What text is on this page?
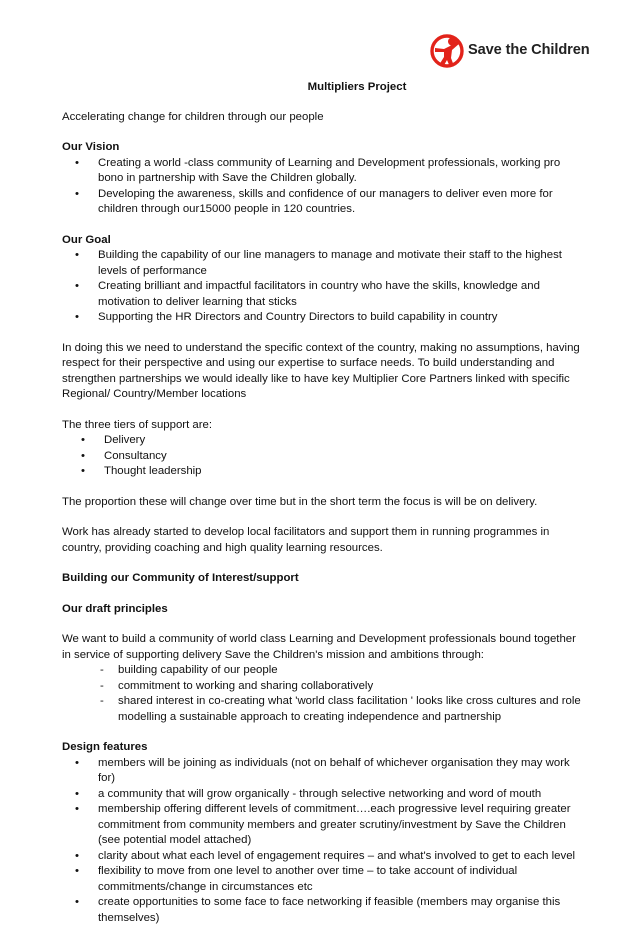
Save the Children
Multipliers Project

Accelerating change for children through our people

Our Vision
• Creating a world -class community of Learning and Development professionals, working pro bono in partnership with Save the Children globally.
• Developing the awareness, skills and confidence of our managers to deliver even more for children through our15000 people in 120 countries.
Our Goal
• Building the capability of our line managers to manage and motivate their staff to the highest levels of performance
• Creating brilliant and impactful facilitators in country who have the skills, knowledge and motivation to deliver learning that sticks
• Supporting the HR Directors and Country Directors to build capability in country

In doing this we need to understand the specific context of the country, making no assumptions, having respect for their perspective and using our expertise to surface needs. To build understanding and strengthen partnerships we would ideally like to have key Multiplier Core Partners linked with specific Regional/ Country/Member locations

The three tiers of support are:
• Delivery
• Consultancy
• Thought leadership

The proportion these will change over time but in the short term the focus is will be on delivery.

Work has already started to develop local facilitators and support them in running programmes in country, providing coaching and high quality learning resources.

Building our Community of Interest/support

Our draft principles

We want to build a community of world class Learning and Development professionals bound together in service of supporting delivery Save the Children's mission and ambitions through:
- building capability of our people
- commitment to working and sharing collaboratively
- shared interest in co-creating what 'world class facilitation ' looks like cross cultures and role modelling a sustainable approach to creating independence and partnership
Design features
• members will be joining as individuals (not on behalf of whichever organisation they may work for)
• a community that will grow organically - through selective networking and word of mouth
• membership offering different levels of commitment….each progressive level requiring greater commitment from community members and greater scrutiny/investment by Save the Children (see potential model attached)
• clarity about what each level of engagement requires – and what's involved to get to each level
• flexibility to move from one level to another over time – to take account of individual commitments/change in circumstances etc
• create opportunities to some face to face networking if feasible (members may organise this themselves)
